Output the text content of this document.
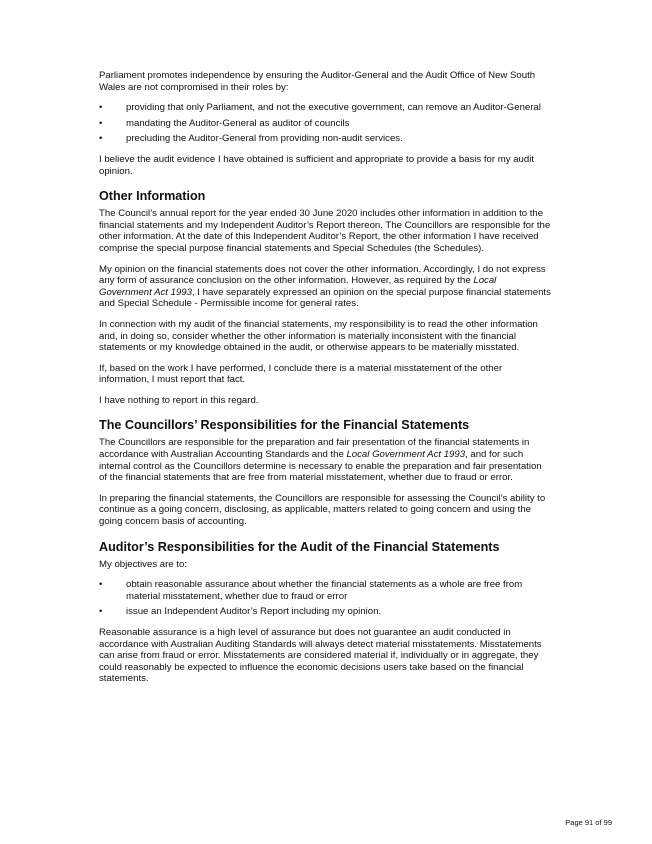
Parliament promotes independence by ensuring the Auditor-General and the Audit Office of New South Wales are not compromised in their roles by:

• providing that only Parliament, and not the executive government, can remove an Auditor-General
• mandating the Auditor-General as auditor of councils
• precluding the Auditor-General from providing non-audit services.

I believe the audit evidence I have obtained is sufficient and appropriate to provide a basis for my audit opinion.

Other Information

The Council’s annual report for the year ended 30 June 2020 includes other information in addition to the financial statements and my Independent Auditor’s Report thereon. The Councillors are responsible for the other information. At the date of this Independent Auditor’s Report, the other information I have received comprise the special purpose financial statements and Special Schedules (the Schedules).

My opinion on the financial statements does not cover the other information. Accordingly, I do not express any form of assurance conclusion on the other information. However, as required by the Local Government Act 1993, I have separately expressed an opinion on the special purpose financial statements and Special Schedule - Permissible income for general rates.

In connection with my audit of the financial statements, my responsibility is to read the other information and, in doing so, consider whether the other information is materially inconsistent with the financial statements or my knowledge obtained in the audit, or otherwise appears to be materially misstated.

If, based on the work I have performed, I conclude there is a material misstatement of the other information, I must report that fact.

I have nothing to report in this regard.

The Councillors’ Responsibilities for the Financial Statements

The Councillors are responsible for the preparation and fair presentation of the financial statements in accordance with Australian Accounting Standards and the Local Government Act 1993, and for such internal control as the Councillors determine is necessary to enable the preparation and fair presentation of the financial statements that are free from material misstatement, whether due to fraud or error.

In preparing the financial statements, the Councillors are responsible for assessing the Council’s ability to continue as a going concern, disclosing, as applicable, matters related to going concern and using the going concern basis of accounting.

Auditor’s Responsibilities for the Audit of the Financial Statements

My objectives are to:

• obtain reasonable assurance about whether the financial statements as a whole are free from material misstatement, whether due to fraud or error
• issue an Independent Auditor’s Report including my opinion.

Reasonable assurance is a high level of assurance but does not guarantee an audit conducted in accordance with Australian Auditing Standards will always detect material misstatements. Misstatements can arise from fraud or error. Misstatements are considered material if, individually or in aggregate, they could reasonably be expected to influence the economic decisions users take based on the financial statements.

Page 91 of 99
